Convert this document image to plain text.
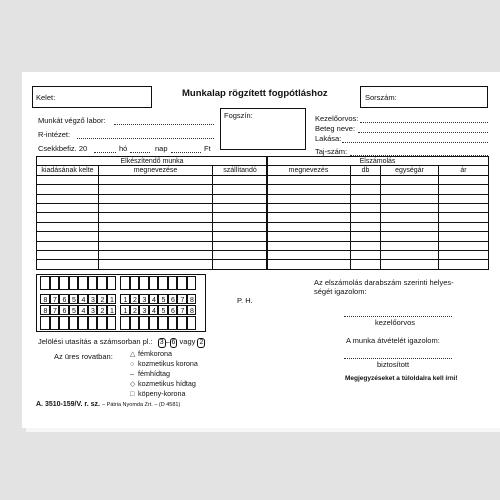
Kelet:	Munkalap rögzített fogpótláshoz	Sorszám:
Munkát végző labor:
R-intézet:
Csekkbefiz. 20	hó	nap	Ft
Fogszín:	Kezelőorvos:
Beteg neve:
Lakása:
Taj-szám:
Elkészítendő munka		
kiadásának kelte	megnevezése	szállítandó

Elszámolás			
megnevezés	db	egységár	ár

8 7 6 5 4 3 2 1 1 2 3 4 5 6 7 8
8 7 6 5 4 3 2 1 1 2 3 4 5 6 7 8
P. H.
Az elszámolás darabszám szerinti helyes-
ségét igazolom:
kezelőorvos
A munka átvételét igazolom:
biztosított
Megjegyzéseket a túloldalra kell írni!
Jelölési utasítás a számsorban pl.: 3 – 6 vagy 2
Az üres rovatban: △ fémkorona
○ kozmetikus korona
– fémhídtag
◇ kozmetikus hídtag
□ köpeny-korona
A. 3510-159/V. r. sz. – Pátria Nyomda Zrt. – (D 4581)
